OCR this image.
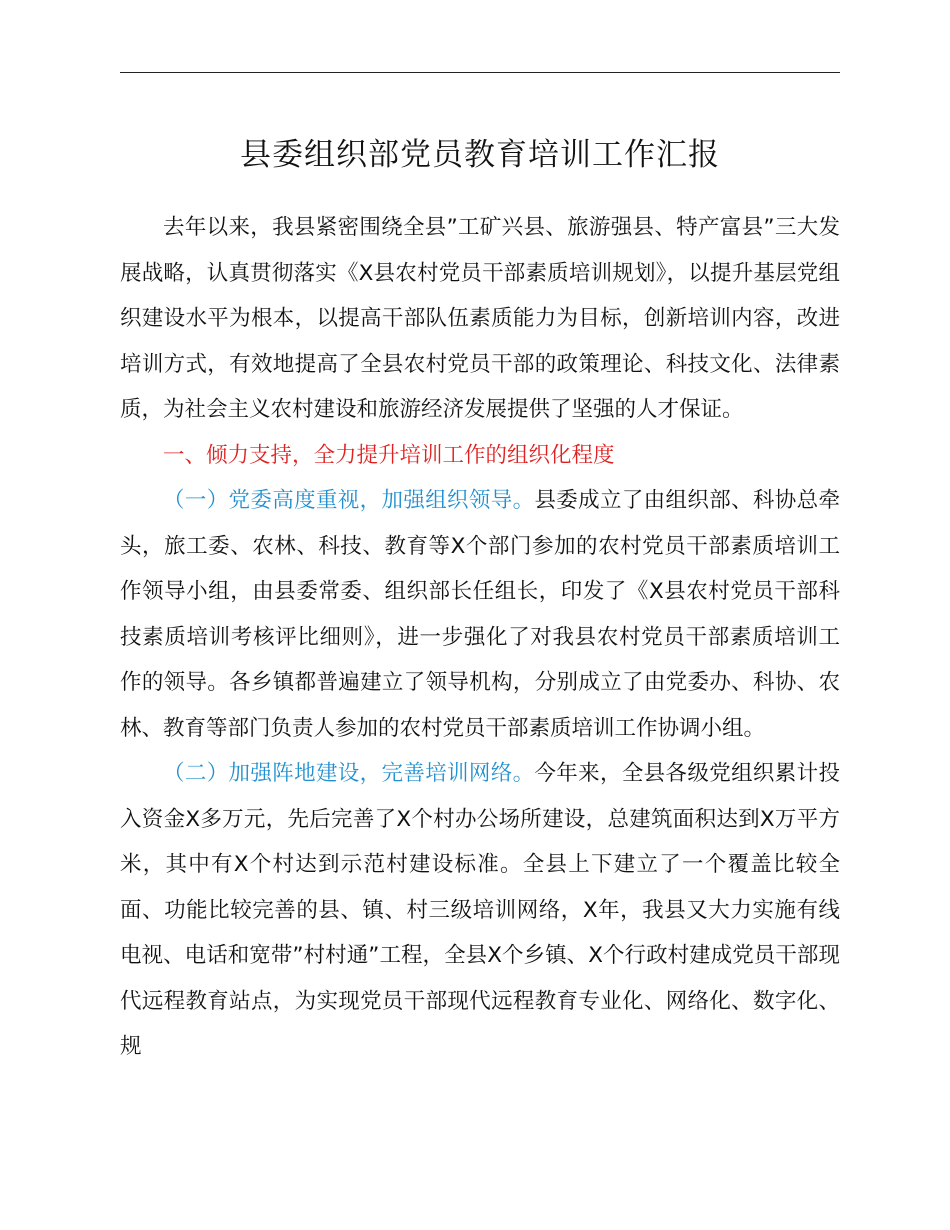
县委组织部党员教育培训工作汇报

去年以来，我县紧密围绕全县”工矿兴县、旅游强县、特产富县”三大发展战略，认真贯彻落实《X县农村党员干部素质培训规划》，以提升基层党组织建设水平为根本，以提高干部队伍素质能力为目标，创新培训内容，改进培训方式，有效地提高了全县农村党员干部的政策理论、科技文化、法律素质，为社会主义农村建设和旅游经济发展提供了坚强的人才保证。

一、倾力支持，全力提升培训工作的组织化程度

（一）党委高度重视，加强组织领导。县委成立了由组织部、科协总牵头，旅工委、农林、科技、教育等X个部门参加的农村党员干部素质培训工作领导小组，由县委常委、组织部长任组长，印发了《X县农村党员干部科技素质培训考核评比细则》，进一步强化了对我县农村党员干部素质培训工作的领导。各乡镇都普遍建立了领导机构，分别成立了由党委办、科协、农林、教育等部门负责人参加的农村党员干部素质培训工作协调小组。

（二）加强阵地建设，完善培训网络。今年来，全县各级党组织累计投入资金X多万元，先后完善了X个村办公场所建设，总建筑面积达到X万平方米，其中有X个村达到示范村建设标准。全县上下建立了一个覆盖比较全面、功能比较完善的县、镇、村三级培训网络，X年，我县又大力实施有线电视、电话和宽带”村村通”工程，全县X个乡镇、X个行政村建成党员干部现代远程教育站点，为实现党员干部现代远程教育专业化、网络化、数字化、规
